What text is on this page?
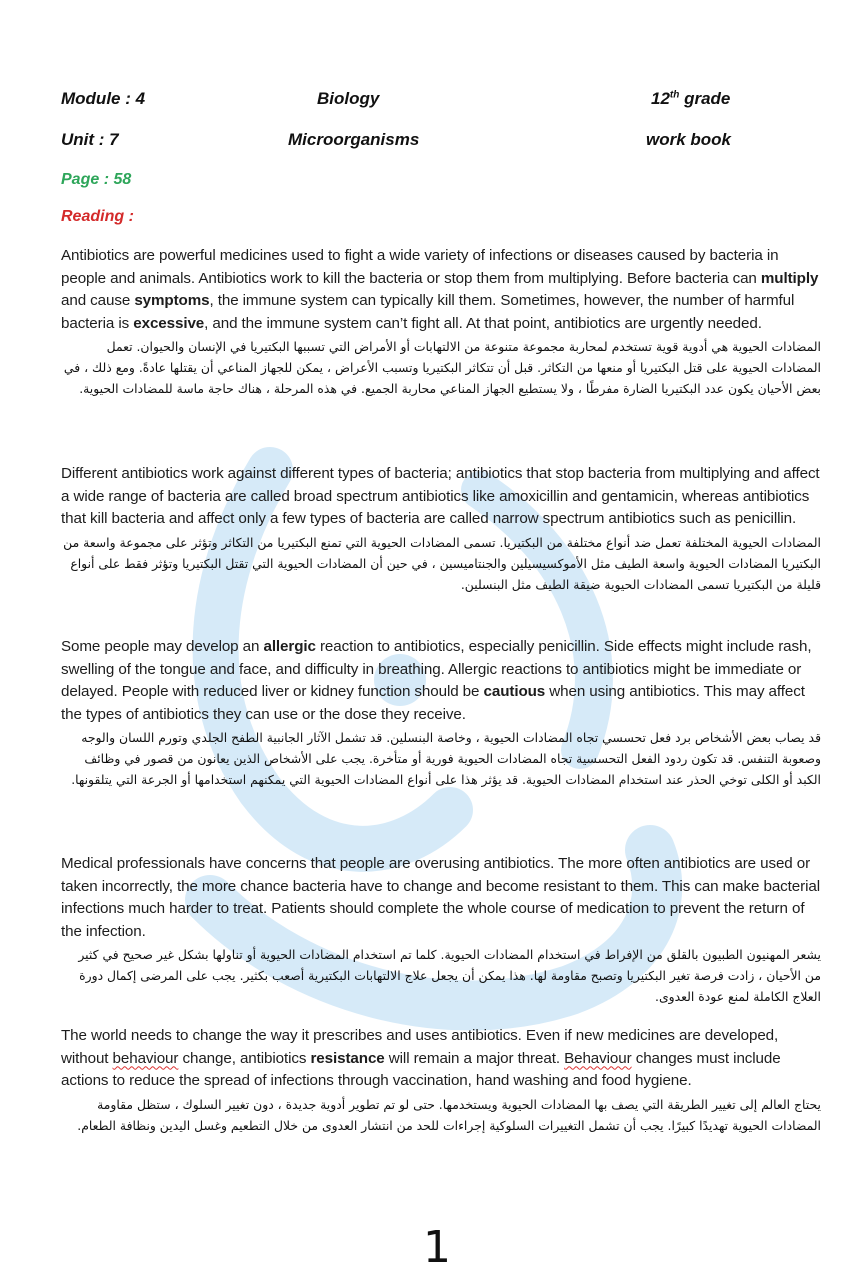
Module : 4	Biology	12th grade
Unit : 7	Microorganisms	work book
Page : 58
Reading :
Antibiotics are powerful medicines used to fight a wide variety of infections or diseases caused by bacteria in people and animals. Antibiotics work to kill the bacteria or stop them from multiplying. Before bacteria can multiply and cause symptoms, the immune system can typically kill them. Sometimes, however, the number of harmful bacteria is excessive, and the immune system can’t fight all. At that point, antibiotics are urgently needed.
المضادات الحيوية هي أدوية قوية تستخدم لمحاربة مجموعة متنوعة من الالتهابات أو الأمراض التي تسببها البكتيريا في الإنسان والحيوان. تعمل المضادات الحيوية على قتل البكتيريا أو منعها من التكاثر. قبل أن تتكاثر البكتيريا وتسبب الأعراض ، يمكن للجهاز المناعي أن يقتلها عادةً. ومع ذلك ، في بعض الأحيان يكون عدد البكتيريا الضارة مفرطًا ، ولا يستطيع الجهاز المناعي محاربة الجميع. في هذه المرحلة ، هناك حاجة ماسة للمضادات الحيوية.
Different antibiotics work against different types of bacteria; antibiotics that stop bacteria from multiplying and affect a wide range of bacteria are called broad spectrum antibiotics like amoxicillin and gentamicin, whereas antibiotics that kill bacteria and affect only a few types of bacteria are called narrow spectrum antibiotics such as penicillin.
المضادات الحيوية المختلفة تعمل ضد أنواع مختلفة من البكتيريا. تسمى المضادات الحيوية التي تمنع البكتيريا من التكاثر وتؤثر على مجموعة واسعة من البكتيريا المضادات الحيوية واسعة الطيف مثل الأموكسيسيلين والجنتاميسين ، في حين أن المضادات الحيوية التي تقتل البكتيريا وتؤثر فقط على أنواع قليلة من البكتيريا تسمى المضادات الحيوية ضيقة الطيف مثل البنسلين.
Some people may develop an allergic reaction to antibiotics, especially penicillin. Side effects might include rash, swelling of the tongue and face, and difficulty in breathing. Allergic reactions to antibiotics might be immediate or delayed. People with reduced liver or kidney function should be cautious when using antibiotics. This may affect the types of antibiotics they can use or the dose they receive.
قد يصاب بعض الأشخاص برد فعل تحسسي تجاه المضادات الحيوية ، وخاصة البنسلين. قد تشمل الآثار الجانبية الطفح الجلدي وتورم اللسان والوجه وصعوبة التنفس. قد تكون ردود الفعل التحسسية تجاه المضادات الحيوية فورية أو متأخرة. يجب على الأشخاص الذين يعانون من قصور في وظائف الكبد أو الكلى توخي الحذر عند استخدام المضادات الحيوية. قد يؤثر هذا على أنواع المضادات الحيوية التي يمكنهم استخدامها أو الجرعة التي يتلقونها.
Medical professionals have concerns that people are overusing antibiotics. The more often antibiotics are used or taken incorrectly, the more chance bacteria have to change and become resistant to them. This can make bacterial infections much harder to treat. Patients should complete the whole course of medication to prevent the return of the infection.
يشعر المهنيون الطبيون بالقلق من الإفراط في استخدام المضادات الحيوية. كلما تم استخدام المضادات الحيوية أو تناولها بشكل غير صحيح في كثير من الأحيان ، زادت فرصة تغير البكتيريا وتصبح مقاومة لها. هذا يمكن أن يجعل علاج الالتهابات البكتيرية أصعب بكثير. يجب على المرضى إكمال دورة العلاج الكاملة لمنع عودة العدوى.
The world needs to change the way it prescribes and uses antibiotics. Even if new medicines are developed, without behaviour change, antibiotics resistance will remain a major threat. Behaviour changes must include actions to reduce the spread of infections through vaccination, hand washing and food hygiene.
يحتاج العالم إلى تغيير الطريقة التي يصف بها المضادات الحيوية ويستخدمها. حتى لو تم تطوير أدوية جديدة ، دون تغيير السلوك ، ستظل مقاومة المضادات الحيوية تهديدًا كبيرًا. يجب أن تشمل التغييرات السلوكية إجراءات للحد من انتشار العدوى من خلال التطعيم وغسل اليدين ونظافة الطعام.
1
